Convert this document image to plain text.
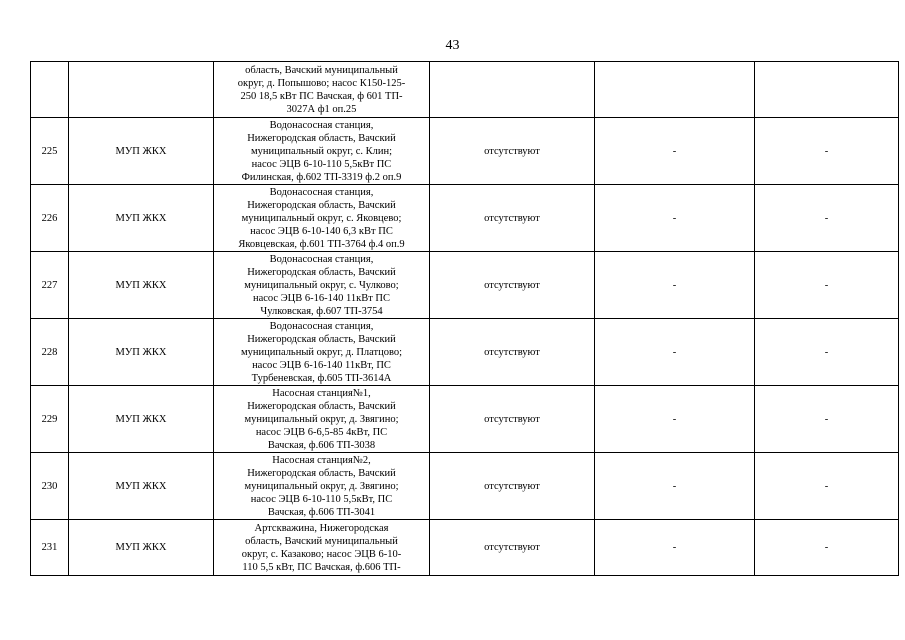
43
		область, Вачский муниципальный
округ, д. Попышово; насос К150-125-
250 18,5 кВт ПС Вачская, ф 601 ТП-
3027А ф1 оп.25			
225	МУП ЖКХ	Водонасосная станция,
Нижегородская область, Вачский
муниципальный округ, с. Клин;
насос ЭЦВ 6-10-110 5,5кВт ПС
Филинская, ф.602 ТП-3319 ф.2 оп.9	отсутствуют	-	-
226	МУП ЖКХ	Водонасосная станция,
Нижегородская область, Вачский
муниципальный округ, с. Яковцево;
насос ЭЦВ 6-10-140 6,3 кВт ПС
Яковцевская, ф.601 ТП-3764 ф.4 оп.9	отсутствуют	-	-
227	МУП ЖКХ	Водонасосная станция,
Нижегородская область, Вачский
муниципальный округ, с. Чулково;
насос ЭЦВ 6-16-140 11кВт ПС
Чулковская, ф.607 ТП-3754	отсутствуют	-	-
228	МУП ЖКХ	Водонасосная станция,
Нижегородская область, Вачский
муниципальный округ, д. Платцово;
насос ЭЦВ 6-16-140 11кВт, ПС
Турбеневская, ф.605 ТП-3614А	отсутствуют	-	-
229	МУП ЖКХ	Насосная станция№1,
Нижегородская область, Вачский
муниципальный округ, д. Звягино;
насос ЭЦВ 6-6,5-85 4кВт, ПС
Вачская, ф.606 ТП-3038	отсутствуют	-	-
230	МУП ЖКХ	Насосная станция№2,
Нижегородская область, Вачский
муниципальный округ, д. Звягино;
насос ЭЦВ 6-10-110 5,5кВт, ПС
Вачская, ф.606 ТП-3041	отсутствуют	-	-
231	МУП ЖКХ	Артскважина, Нижегородская
область, Вачский муниципальный
округ, с. Казаково; насос ЭЦВ 6-10-
110 5,5 кВт, ПС Вачская, ф.606 ТП-	отсутствуют	-	-
